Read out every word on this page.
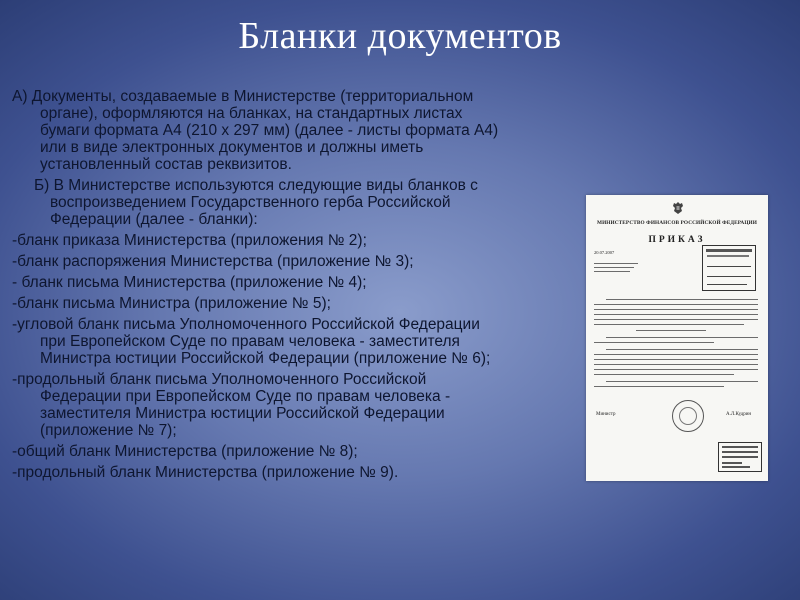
Бланки документов
А) Документы, создаваемые в Министерстве (территориальном
органе), оформляются на бланках, на стандартных листах
бумаги формата А4 (210 х 297 мм) (далее - листы формата А4)
или в виде электронных документов и должны иметь
установленный состав реквизитов.
Б) В Министерстве используются следующие виды бланков с
воспроизведением Государственного герба Российской
Федерации (далее - бланки):
-бланк приказа Министерства (приложения № 2);
-бланк распоряжения Министерства (приложение № 3);
- бланк письма Министерства (приложение № 4);
-бланк письма Министра (приложение № 5);
-угловой бланк письма Уполномоченного Российской Федерации
при Европейском Суде по правам человека - заместителя
Министра юстиции Российской Федерации (приложение № 6);
-продольный бланк письма Уполномоченного Российской
Федерации при Европейском Суде по правам человека -
заместителя Министра юстиции Российской Федерации
(приложение № 7);
-общий бланк Министерства (приложение № 8);
-продольный бланк Министерства (приложение № 9).
МИНИСТЕРСТВО ФИНАНСОВ РОССИЙСКОЙ ФЕДЕРАЦИИ
ПРИКАЗ
20.07.2007
Министр	А.Л.Кудрин
